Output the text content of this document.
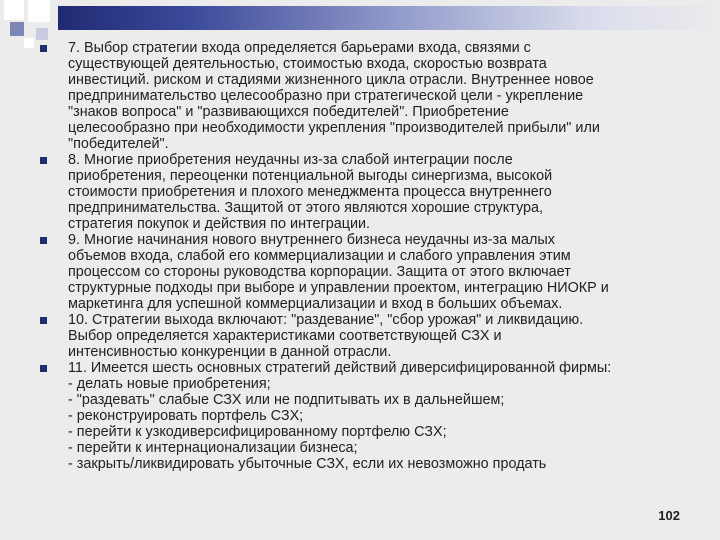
7. Выбор стратегии входа определяется барьерами входа, связями с
существующей деятельностью, стоимостью входа, скоростью возврата
инвестиций. риском и стадиями жизненного цикла отрасли. Внутреннее новое
предпринимательство целесообразно при стратегической цели - укрепление
"знаков вопроса" и "развивающихся победителей". Приобретение
целесообразно при необходимости укрепления "производителей прибыли" или
"победителей".
8. Многие приобретения неудачны из-за слабой интеграции после
приобретения, переоценки потенциальной выгоды синергизма, высокой
стоимости приобретения и плохого менеджмента процесса внутреннего
предпринимательства. Защитой от этого являются хорошие структура,
стратегия покупок и действия по интеграции.
9. Многие начинания нового внутреннего бизнеса неудачны из-за малых
объемов входа, слабой его коммерциализации и слабого управления этим
процессом со стороны руководства корпорации. Защита от этого включает
структурные подходы при выборе и управлении проектом, интеграцию НИОКР и
маркетинга для успешной коммерциализации и вход в больших объемах.
10. Стратегии выхода включают: "раздевание", "сбор урожая" и ликвидацию.
Выбор определяется характеристиками соответствующей СЗХ и
интенсивностью конкуренции в данной отрасли.
11. Имеется шесть основных стратегий действий диверсифицированной фирмы:
- делать новые приобретения;
- "раздевать" слабые СЗХ или не подпитывать их в дальнейшем;
- реконструировать портфель СЗХ;
- перейти к узкодиверсифицированному портфелю СЗХ;
- перейти к интернационализации бизнеса;
- закрыть/ликвидировать убыточные СЗХ, если их невозможно продать
102
